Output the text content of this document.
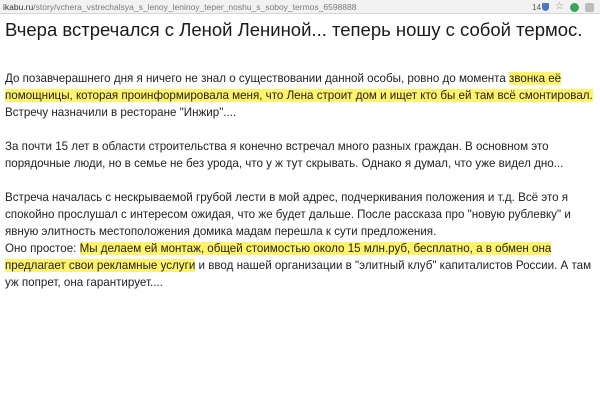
ikabu.ru/story/vchera_vstrechalsya_s_lenoy_leninoy_teper_noshu_s_soboy_termos_6598888	14 ☆
Вчера встречался с Леной Лениной... теперь ношу с собой термос.

До позавчерашнего дня я ничего не знал о существовании данной особы, ровно до момента звонка её помощницы, которая проинформировала меня, что Лена строит дом и ищет кто бы ей там всё смонтировал.

Встречу назначили в ресторане "Инжир"....

За почти 15 лет в области строительства я конечно встречал много разных граждан. В основном это порядочные люди, но в семье не без урода, что у ж тут скрывать. Однако я думал, что уже видел дно...

Встреча началась с нескрываемой грубой лести в мой адрес, подчеркивания положения и т.д. Всё это я спокойно прослушал с интересом ожидая, что же будет дальше. После рассказа про "новую рублевку" и явную элитность местоположения домика мадам перешла к сути предложения.

Оно простое: Мы делаем ей монтаж, общей стоимостью около 15 млн.руб, бесплатно, а в обмен она предлагает свои рекламные услуги и ввод нашей организации в "элитный клуб" капиталистов России. А там уж попрет, она гарантирует....
